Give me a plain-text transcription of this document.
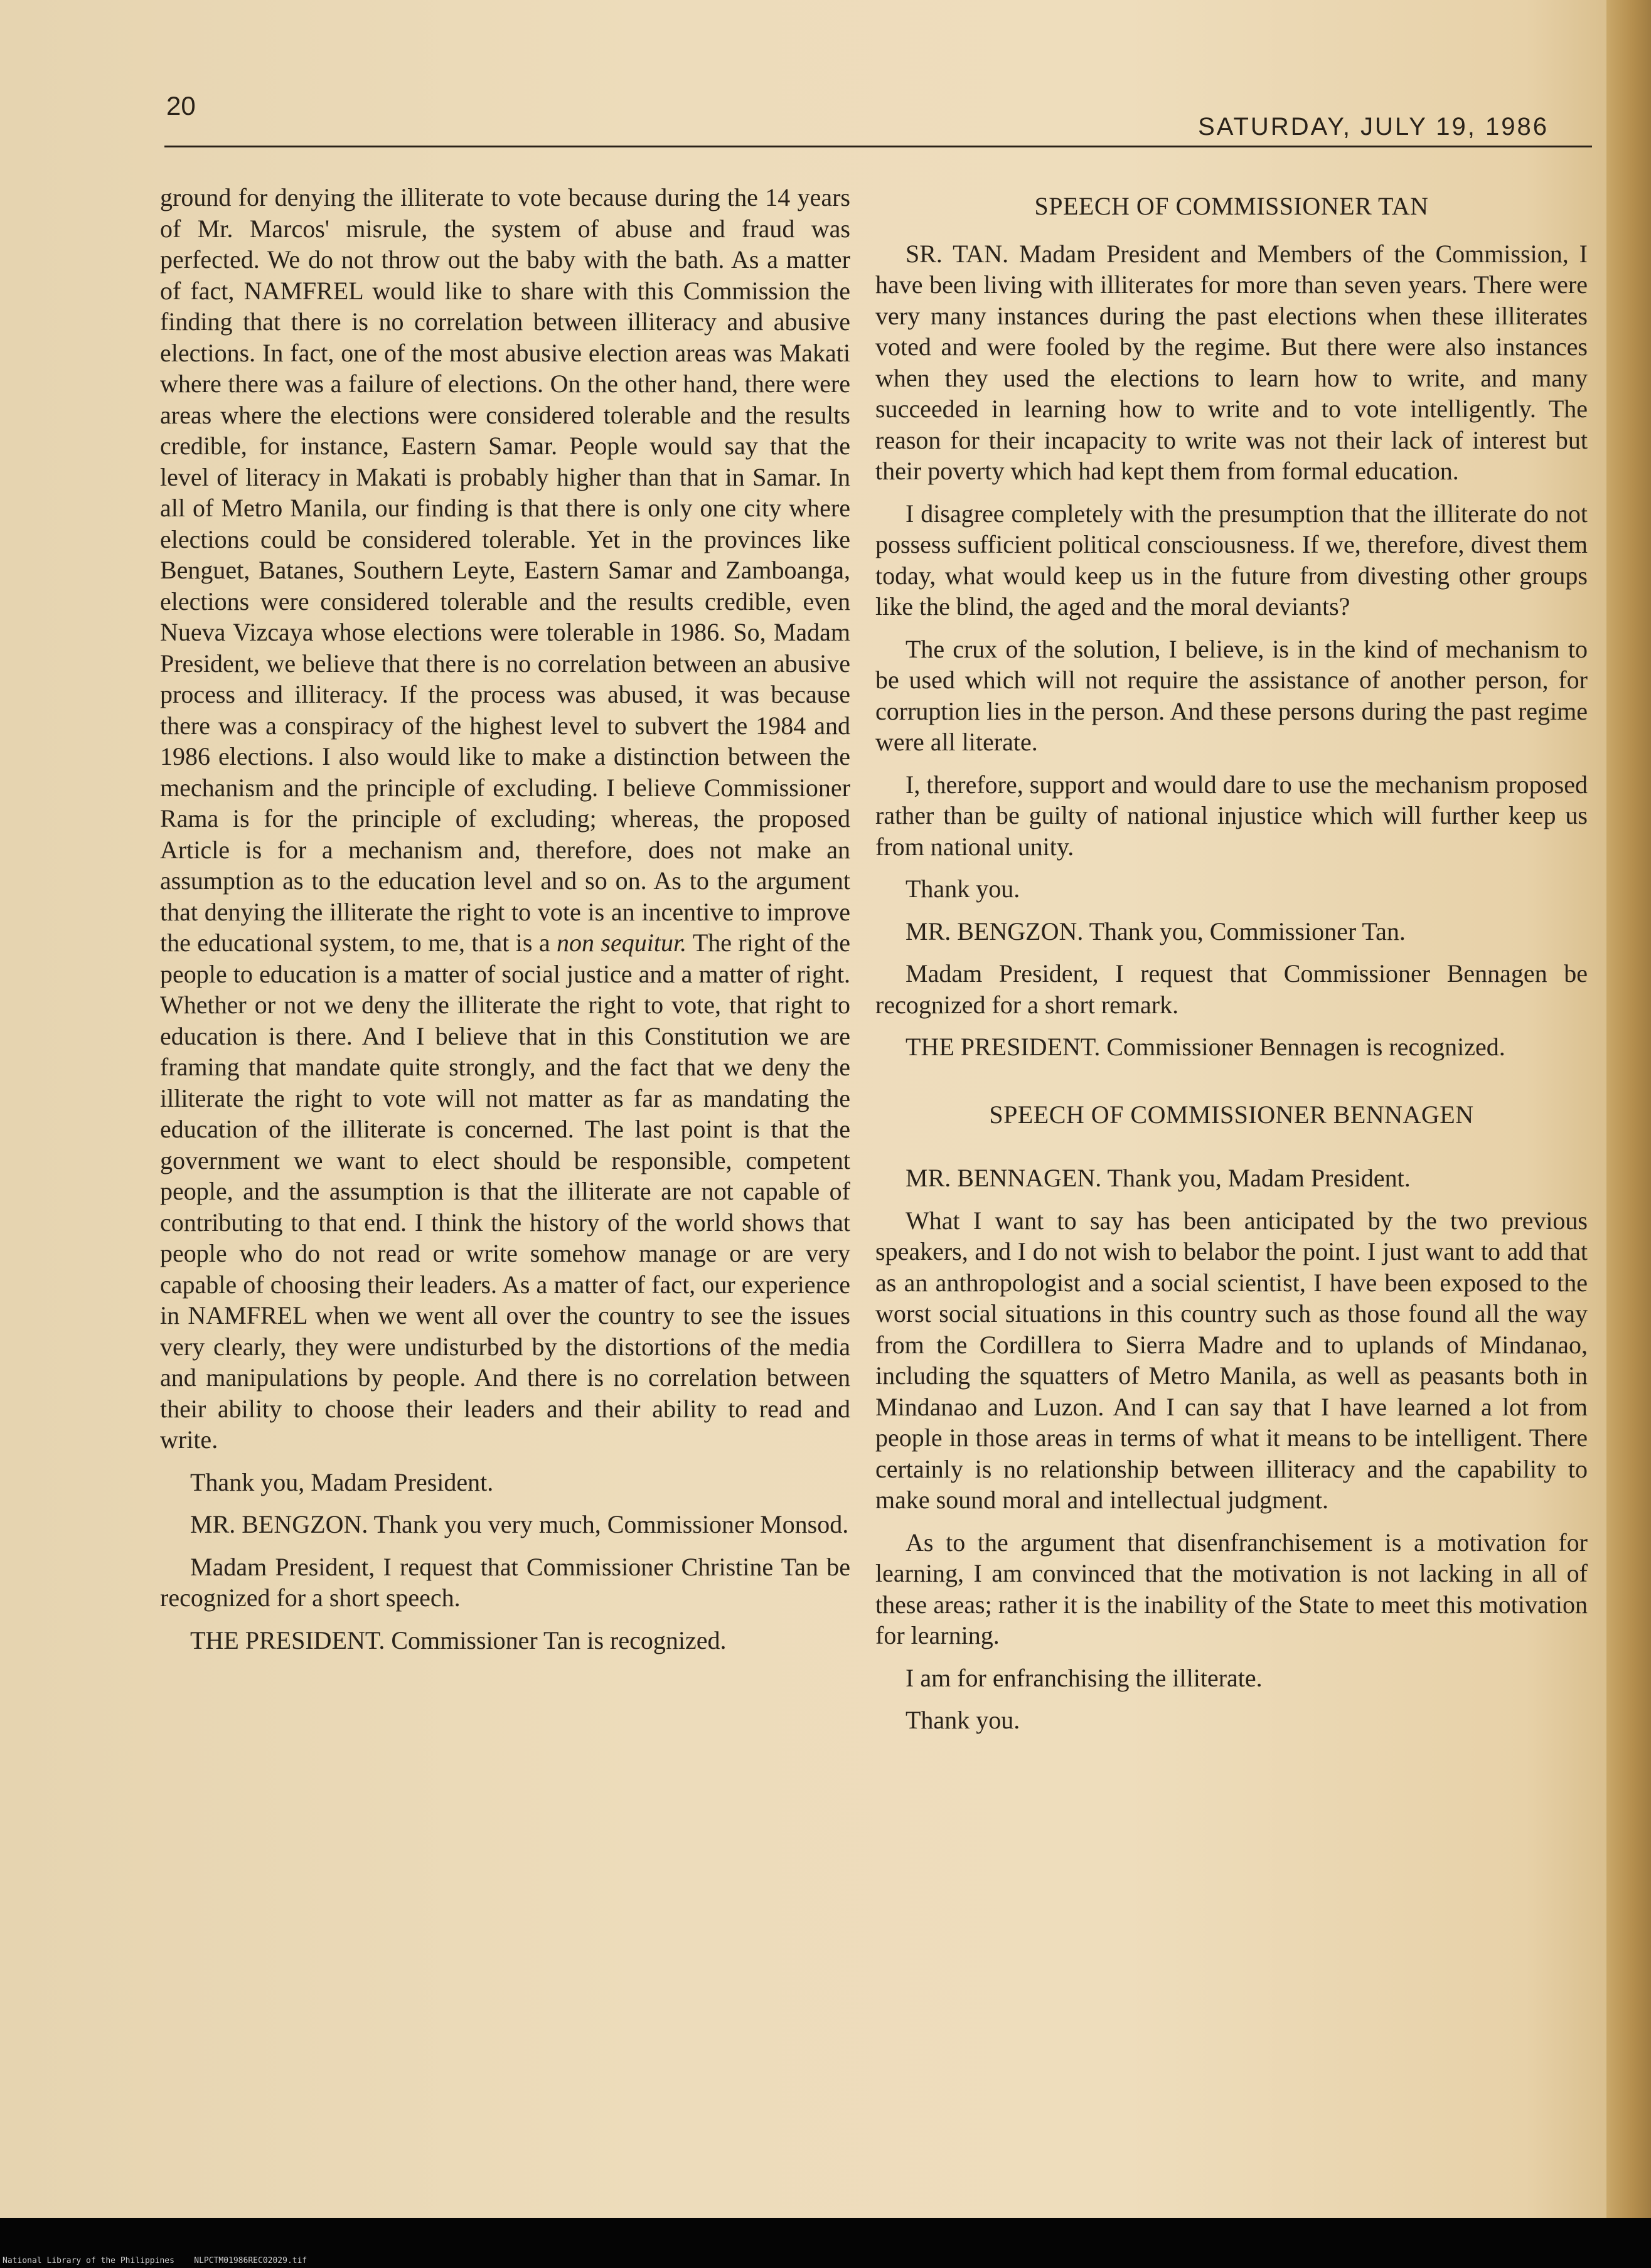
20
SATURDAY, JULY 19, 1986

ground for denying the illiterate to vote because during the 14 years of Mr. Marcos' misrule, the system of abuse and fraud was perfected. We do not throw out the baby with the bath. As a matter of fact, NAMFREL would like to share with this Commission the finding that there is no correlation between illiteracy and abusive elections. In fact, one of the most abusive election areas was Makati where there was a failure of elections. On the other hand, there were areas where the elections were considered tolerable and the results credible, for instance, Eastern Samar. People would say that the level of literacy in Makati is probably higher than that in Samar. In all of Metro Manila, our finding is that there is only one city where elections could be considered tolerable. Yet in the provinces like Benguet, Batanes, Southern Leyte, Eastern Samar and Zamboanga, elections were considered tolerable and the results credible, even Nueva Vizcaya whose elections were tolerable in 1986. So, Madam President, we believe that there is no correlation between an abusive process and illiteracy. If the process was abused, it was because there was a conspiracy of the highest level to subvert the 1984 and 1986 elections. I also would like to make a distinction between the mechanism and the principle of excluding. I believe Commissioner Rama is for the principle of excluding; whereas, the proposed Article is for a mechanism and, therefore, does not make an assumption as to the education level and so on. As to the argument that denying the illiterate the right to vote is an incentive to improve the educational system, to me, that is a non sequitur. The right of the people to education is a matter of social justice and a matter of right. Whether or not we deny the illiterate the right to vote, that right to education is there. And I believe that in this Constitution we are framing that mandate quite strongly, and the fact that we deny the illiterate the right to vote will not matter as far as mandating the education of the illiterate is concerned. The last point is that the government we want to elect should be responsible, competent people, and the assumption is that the illiterate are not capable of contributing to that end. I think the history of the world shows that people who do not read or write somehow manage or are very capable of choosing their leaders. As a matter of fact, our experience in NAMFREL when we went all over the country to see the issues very clearly, they were undisturbed by the distortions of the media and manipulations by people. And there is no correlation between their ability to choose their leaders and their ability to read and write.

Thank you, Madam President.

MR. BENGZON. Thank you very much, Commissioner Monsod.

Madam President, I request that Commissioner Christine Tan be recognized for a short speech.

THE PRESIDENT. Commissioner Tan is recognized.

SPEECH OF COMMISSIONER TAN

SR. TAN. Madam President and Members of the Commission, I have been living with illiterates for more than seven years. There were very many instances during the past elections when these illiterates voted and were fooled by the regime. But there were also instances when they used the elections to learn how to write, and many succeeded in learning how to write and to vote intelligently. The reason for their incapacity to write was not their lack of interest but their poverty which had kept them from formal education.

I disagree completely with the presumption that the illiterate do not possess sufficient political consciousness. If we, therefore, divest them today, what would keep us in the future from divesting other groups like the blind, the aged and the moral deviants?

The crux of the solution, I believe, is in the kind of mechanism to be used which will not require the assistance of another person, for corruption lies in the person. And these persons during the past regime were all literate.

I, therefore, support and would dare to use the mechanism proposed rather than be guilty of national injustice which will further keep us from national unity.

Thank you.

MR. BENGZON. Thank you, Commissioner Tan.

Madam President, I request that Commissioner Bennagen be recognized for a short remark.

THE PRESIDENT. Commissioner Bennagen is recognized.

SPEECH OF COMMISSIONER BENNAGEN

MR. BENNAGEN. Thank you, Madam President.

What I want to say has been anticipated by the two previous speakers, and I do not wish to belabor the point. I just want to add that as an anthropologist and a social scientist, I have been exposed to the worst social situations in this country such as those found all the way from the Cordillera to Sierra Madre and to uplands of Mindanao, including the squatters of Metro Manila, as well as peasants both in Mindanao and Luzon. And I can say that I have learned a lot from people in those areas in terms of what it means to be intelligent. There certainly is no relationship between illiteracy and the capability to make sound moral and intellectual judgment.

As to the argument that disenfranchisement is a motivation for learning, I am convinced that the motivation is not lacking in all of these areas; rather it is the inability of the State to meet this motivation for learning.

I am for enfranchising the illiterate.

Thank you.

National Library of the Philippines    NLPCTM01986REC02029.tif
